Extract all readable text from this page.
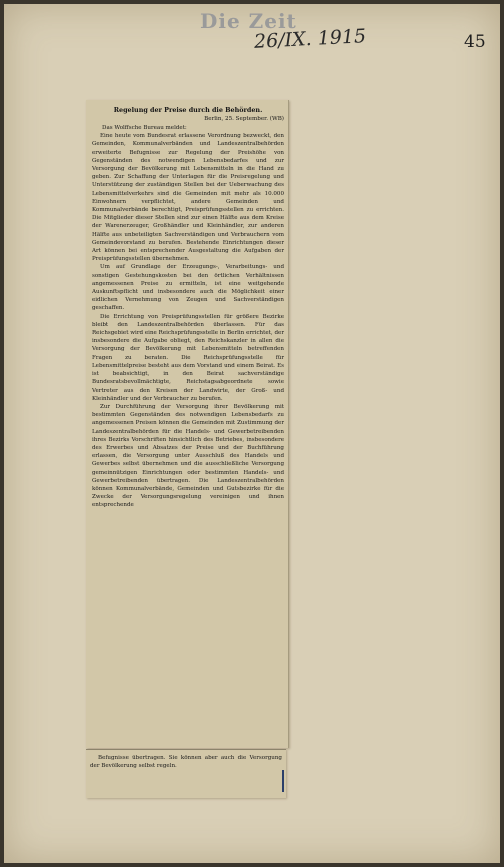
Die Zeit
26/IX. 1915	45
Regelung der Preise durch die Behörden.
Berlin, 25. September. (WB)

Das Wolffsche Bureau meldet:

Eine heute vom Bundesrat erlassene Verordnung bezweckt, den Gemeinden, Kommunalverbänden und Landeszentralbehörden erweiterte Befugnisse zur Regelung der Preishöhe von Gegenständen des notwendigen Lebensbedarfes und zur Versorgung der Bevölkerung mit Lebensmitteln in die Hand zu geben. Zur Schaffung der Unterlagen für die Preisregelung und Unterstützung der zuständigen Stellen bei der Ueberwachung des Lebensmittelverkehrs sind die Gemeinden mit mehr als 10.000 Einwohnern verpflichtet, andere Gemeinden und Kommunalverbände berechtigt, Preisprüfungsstellen zu errichten. Die Mitglieder dieser Stellen sind zur einen Hälfte aus dem Kreise der Warenerzeuger, Großhändler und Kleinhändler, zur anderen Hälfte aus unbeteiligten Sachverständigen und Verbrauchern vom Gemeindevorstand zu berufen. Bestehende Einrichtungen dieser Art können bei entsprechender Ausgestaltung die Aufgaben der Preisprüfungsstellen übernehmen.

Um auf Grundlage der Erzeugungs-, Verarbeitungs- und sonstigen Gestehungskosten bei den örtlichen Verhältnissen angemessenen Preise zu ermitteln, ist eine weitgehende Auskunftspflicht und insbesondere auch die Möglichkeit einer eidlichen Vernehmung von Zeugen und Sachverständigen geschaffen.

Die Errichtung von Preisprüfungsstellen für größere Bezirke bleibt den Landeszentralbehörden überlassen. Für das Reichsgebiet wird eine Reichsprüfungsstelle in Berlin errichtet, der insbesondere die Aufgabe obliegt, den Reichskanzler in allen die Versorgung der Bevölkerung mit Lebensmitteln betreffenden Fragen zu beraten. Die Reichsprüfungsstelle für Lebensmittelpreise besteht aus dem Vorstand und einem Beirat. Es ist beabsichtigt, in den Beirat sachverständige Bundesratsbevollmächtigte, Reichstagsabgeordnete sowie Vertreter aus den Kreisen der Landwirte, der Groß- und Kleinhändler und der Verbraucher zu berufen.

Zur Durchführung der Versorgung ihrer Bevölkerung mit bestimmten Gegenständen des notwendigen Lebensbedarfs zu angemessenen Preisen können die Gemeinden mit Zustimmung der Landeszentralbehörden für die Handels- und Gewerbetreibenden ihres Bezirks Vorschriften hinsichtlich des Betriebes, insbesondere des Erwerbes und Absatzes der Preise und der Buchführung erlassen, die Versorgung unter Ausschluß des Handels und Gewerbes selbst übernehmen und die ausschließliche Versorgung gemeinnützigen Einrichtungen oder bestimmten Handels- und Gewerbetreibenden übertragen. Die Landeszentralbehörden können Kommunalverbände, Gemeinden und Gutsbezirke für die Zwecke der Versorgungsregelung vereinigen und ihnen entsprechende

Befugnisse übertragen. Sie können aber auch die Versorgung der Bevölkerung selbst regeln.
